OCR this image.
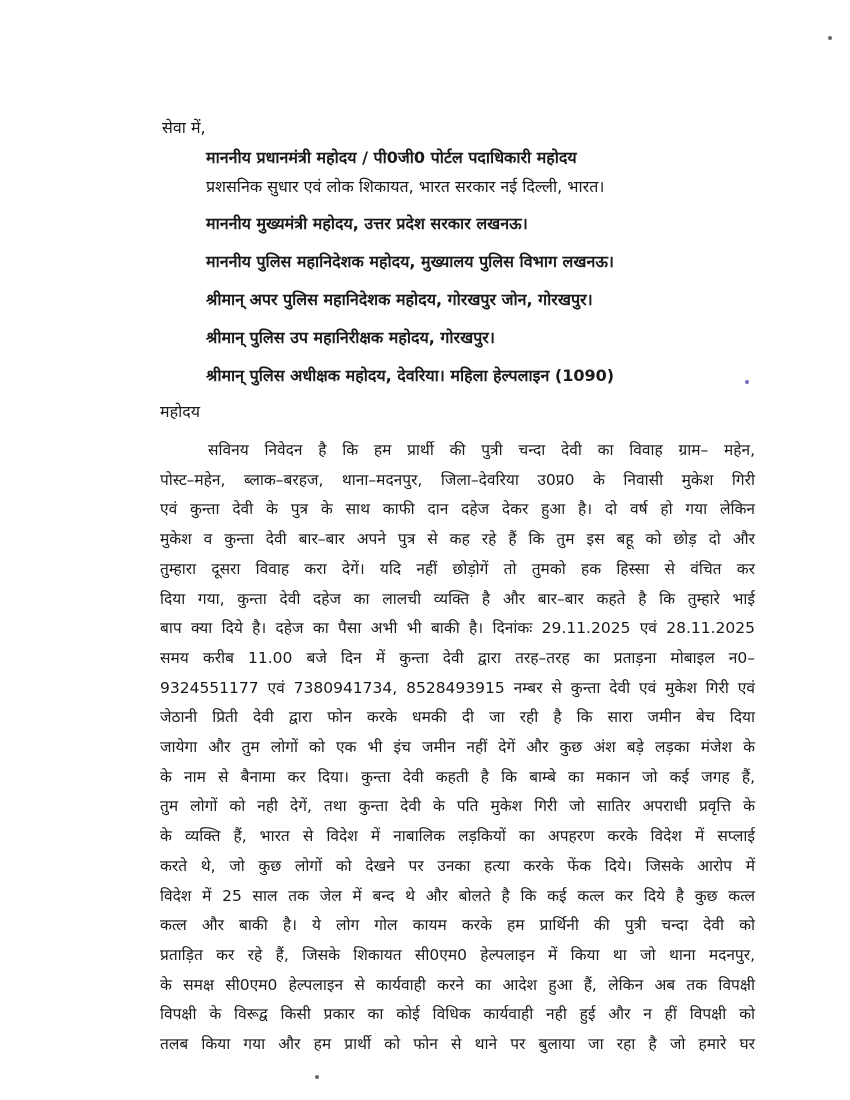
सेवा में,
माननीय प्रधानमंत्री महोदय / पी0जी0 पोर्टल पदाधिकारी महोदय
प्रशसनिक सुधार एवं लोक शिकायत, भारत सरकार नई दिल्ली, भारत।
माननीय मुख्यमंत्री महोदय, उत्तर प्रदेश सरकार लखनऊ।
माननीय पुलिस महानिदेशक महोदय, मुख्यालय पुलिस विभाग लखनऊ।
श्रीमान् अपर पुलिस महानिदेशक महोदय, गोरखपुर जोन, गोरखपुर।
श्रीमान् पुलिस उप महानिरीक्षक महोदय, गोरखपुर।
श्रीमान् पुलिस अधीक्षक महोदय, देवरिया। महिला हेल्पलाइन (1090)
महोदय
सविनय निवेदन है कि हम प्रार्थी की पुत्री चन्दा देवी का विवाह ग्राम– महेन,
पोस्ट–महेन, ब्लाक–बरहज, थाना–मदनपुर, जिला–देवरिया उ0प्र0 के निवासी मुकेश गिरी
एवं कुन्ता देवी के पुत्र के साथ काफी दान दहेज देकर हुआ है। दो वर्ष हो गया लेकिन
मुकेश व कुन्ता देवी बार–बार अपने पुत्र से कह रहे हैं कि तुम इस बहू को छोड़ दो और
तुम्हारा दूसरा विवाह करा देगें। यदि नहीं छोड़ोगें तो तुमको हक हिस्सा से वंचित कर
दिया गया, कुन्ता देवी दहेज का लालची व्यक्ति है और बार–बार कहते है कि तुम्हारे भाई
बाप क्या दिये है। दहेज का पैसा अभी भी बाकी है। दिनांकः 29.11.2025 एवं 28.11.2025
समय करीब 11.00 बजे दिन में कुन्ता देवी द्वारा तरह–तरह का प्रताड़ना मोबाइल न0–
9324551177 एवं 7380941734, 8528493915 नम्बर से कुन्ता देवी एवं मुकेश गिरी एवं
जेठानी प्रिती देवी द्वारा फोन करके धमकी दी जा रही है कि सारा जमीन बेच दिया
जायेगा और तुम लोगों को एक भी इंच जमीन नहीं देगें और कुछ अंश बड़े लड़का मंजेश के
के नाम से बैनामा कर दिया। कुन्ता देवी कहती है कि बाम्बे का मकान जो कई जगह हैं,
तुम लोगों को नही देगें, तथा कुन्ता देवी के पति मुकेश गिरी जो सातिर अपराधी प्रवृत्ति के
के व्यक्ति हैं, भारत से विदेश में नाबालिक लड़कियों का अपहरण करके विदेश में सप्लाई
करते थे, जो कुछ लोगों को देखने पर उनका हत्या करके फेंक दिये। जिसके आरोप में
विदेश में 25 साल तक जेल में बन्द थे और बोलते है कि कई कत्ल कर दिये है कुछ कत्ल
कत्ल और बाकी है। ये लोग गोल कायम करके हम प्रार्थिनी की पुत्री चन्दा देवी को
प्रताड़ित कर रहे हैं, जिसके शिकायत सी0एम0 हेल्पलाइन में किया था जो थाना मदनपुर,
के समक्ष सी0एम0 हेल्पलाइन से कार्यवाही करने का आदेश हुआ हैं, लेकिन अब तक विपक्षी
विपक्षी के विरूद्व किसी प्रकार का कोई विधिक कार्यवाही नही हुई और न हीं विपक्षी को
तलब किया गया और हम प्रार्थी को फोन से थाने पर बुलाया जा रहा है जो हमारे घर
